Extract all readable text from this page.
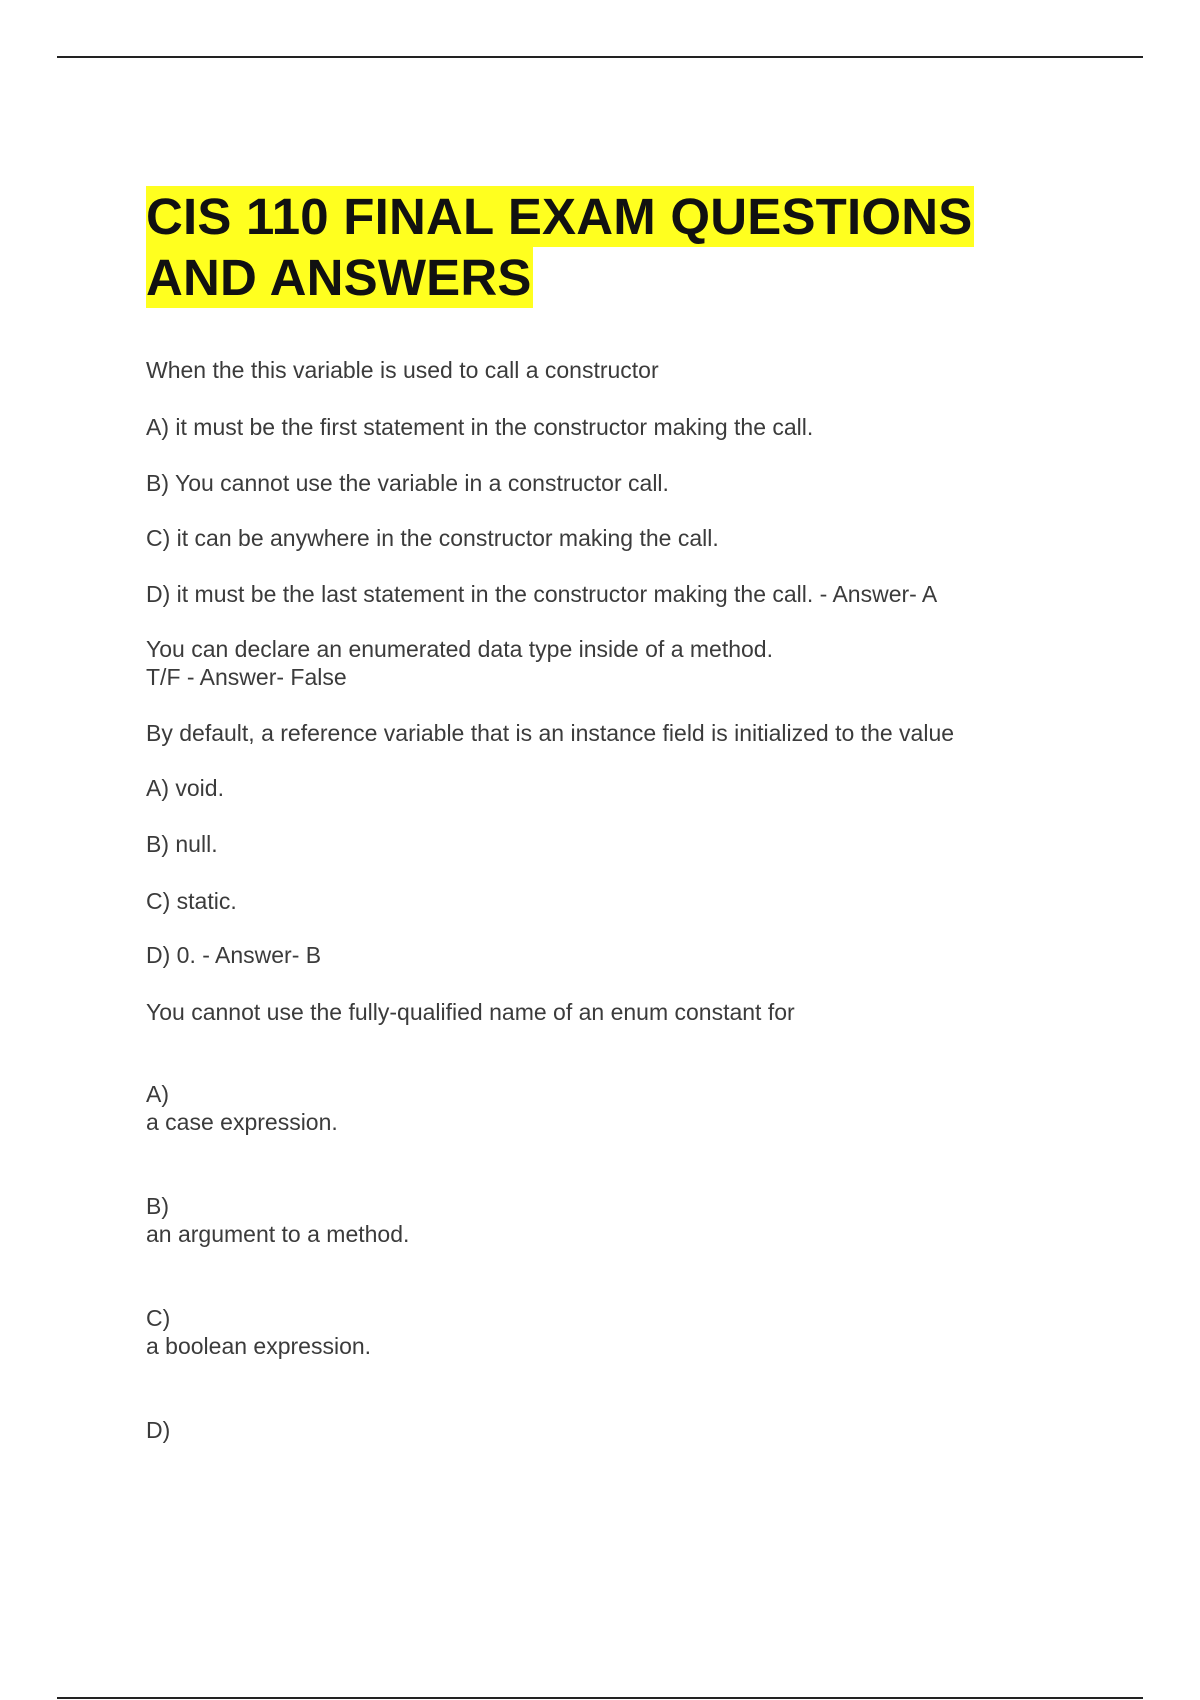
CIS 110 FINAL EXAM QUESTIONS
AND ANSWERS

When the this variable is used to call a constructor

A) it must be the first statement in the constructor making the call.

B) You cannot use the variable in a constructor call.

C) it can be anywhere in the constructor making the call.

D) it must be the last statement in the constructor making the call. - Answer- A

You can declare an enumerated data type inside of a method.

T/F - Answer- False

By default, a reference variable that is an instance field is initialized to the value

A) void.

B) null.

C) static.

D) 0. - Answer- B

You cannot use the fully-qualified name of an enum constant for

A)

a case expression.

B)

an argument to a method.

C)

a boolean expression.

D)
